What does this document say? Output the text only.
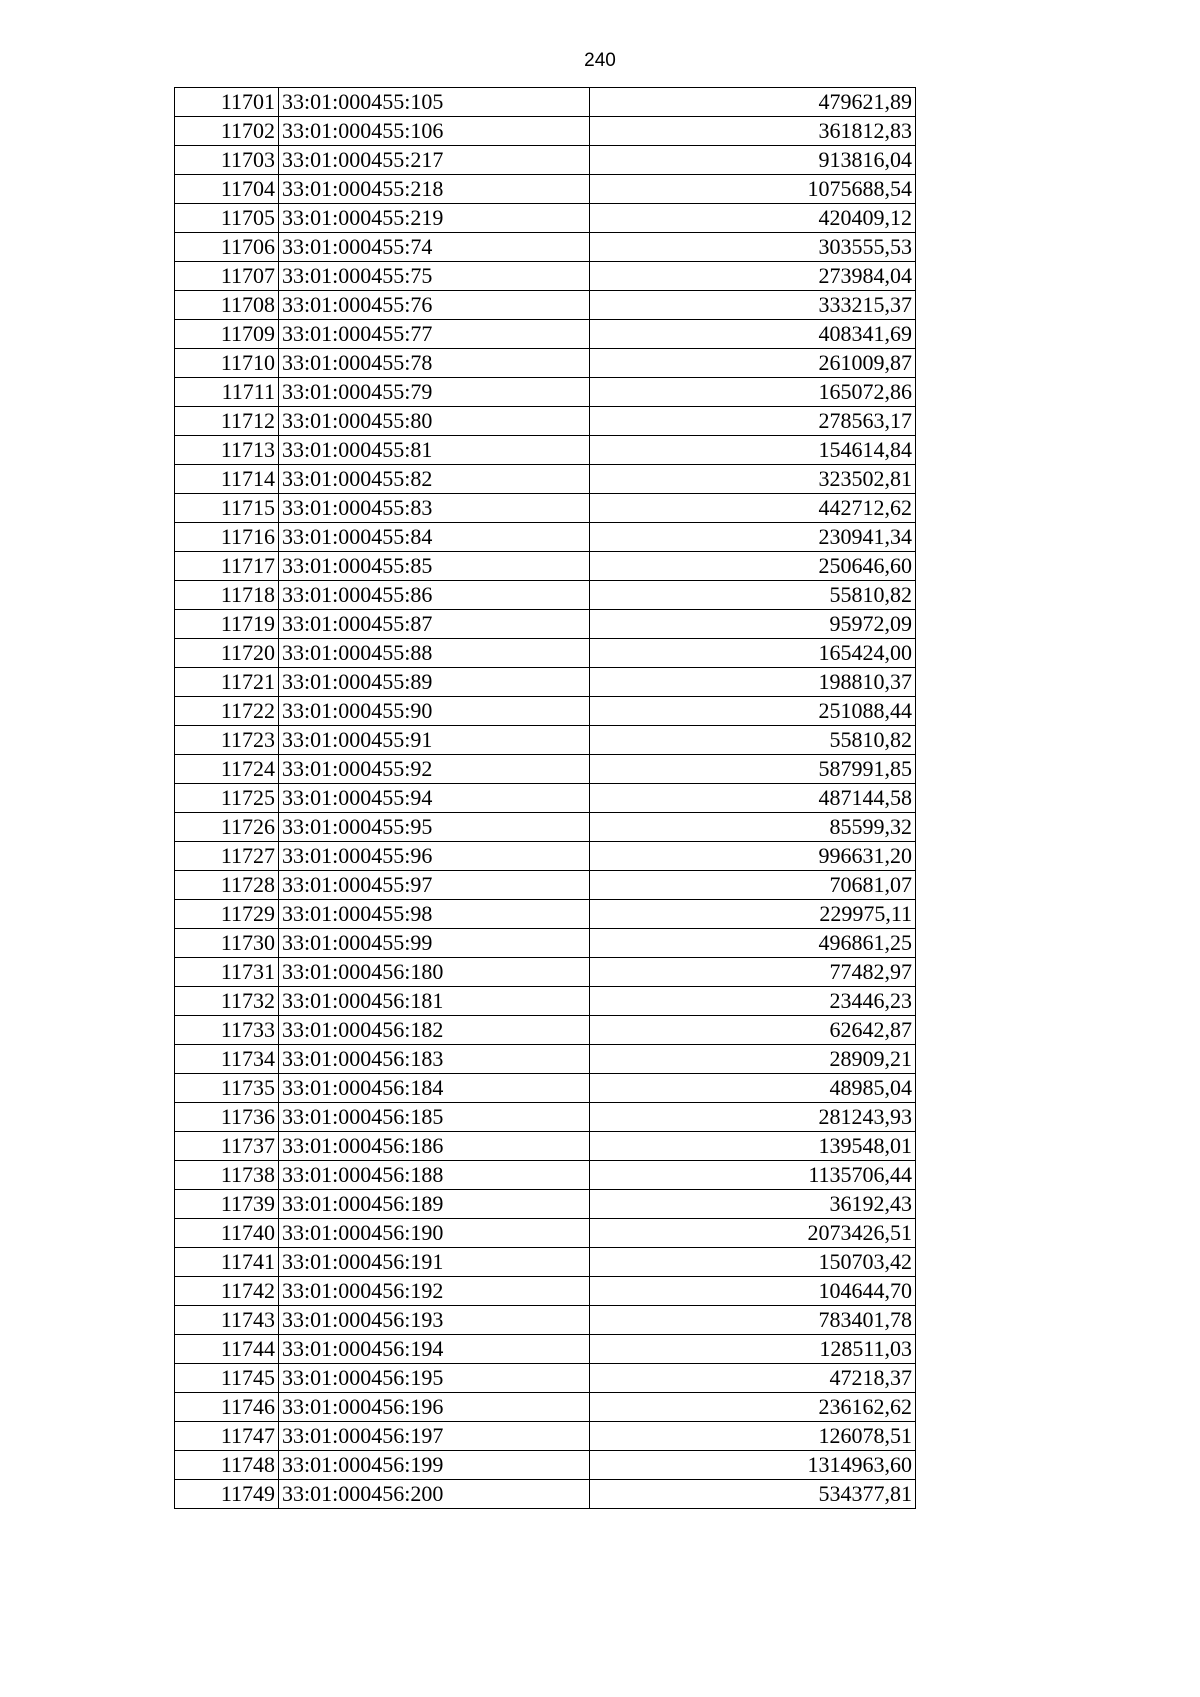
240
11701	33:01:000455:105	479621,89
11702	33:01:000455:106	361812,83
11703	33:01:000455:217	913816,04
11704	33:01:000455:218	1075688,54
11705	33:01:000455:219	420409,12
11706	33:01:000455:74	303555,53
11707	33:01:000455:75	273984,04
11708	33:01:000455:76	333215,37
11709	33:01:000455:77	408341,69
11710	33:01:000455:78	261009,87
11711	33:01:000455:79	165072,86
11712	33:01:000455:80	278563,17
11713	33:01:000455:81	154614,84
11714	33:01:000455:82	323502,81
11715	33:01:000455:83	442712,62
11716	33:01:000455:84	230941,34
11717	33:01:000455:85	250646,60
11718	33:01:000455:86	55810,82
11719	33:01:000455:87	95972,09
11720	33:01:000455:88	165424,00
11721	33:01:000455:89	198810,37
11722	33:01:000455:90	251088,44
11723	33:01:000455:91	55810,82
11724	33:01:000455:92	587991,85
11725	33:01:000455:94	487144,58
11726	33:01:000455:95	85599,32
11727	33:01:000455:96	996631,20
11728	33:01:000455:97	70681,07
11729	33:01:000455:98	229975,11
11730	33:01:000455:99	496861,25
11731	33:01:000456:180	77482,97
11732	33:01:000456:181	23446,23
11733	33:01:000456:182	62642,87
11734	33:01:000456:183	28909,21
11735	33:01:000456:184	48985,04
11736	33:01:000456:185	281243,93
11737	33:01:000456:186	139548,01
11738	33:01:000456:188	1135706,44
11739	33:01:000456:189	36192,43
11740	33:01:000456:190	2073426,51
11741	33:01:000456:191	150703,42
11742	33:01:000456:192	104644,70
11743	33:01:000456:193	783401,78
11744	33:01:000456:194	128511,03
11745	33:01:000456:195	47218,37
11746	33:01:000456:196	236162,62
11747	33:01:000456:197	126078,51
11748	33:01:000456:199	1314963,60
11749	33:01:000456:200	534377,81
